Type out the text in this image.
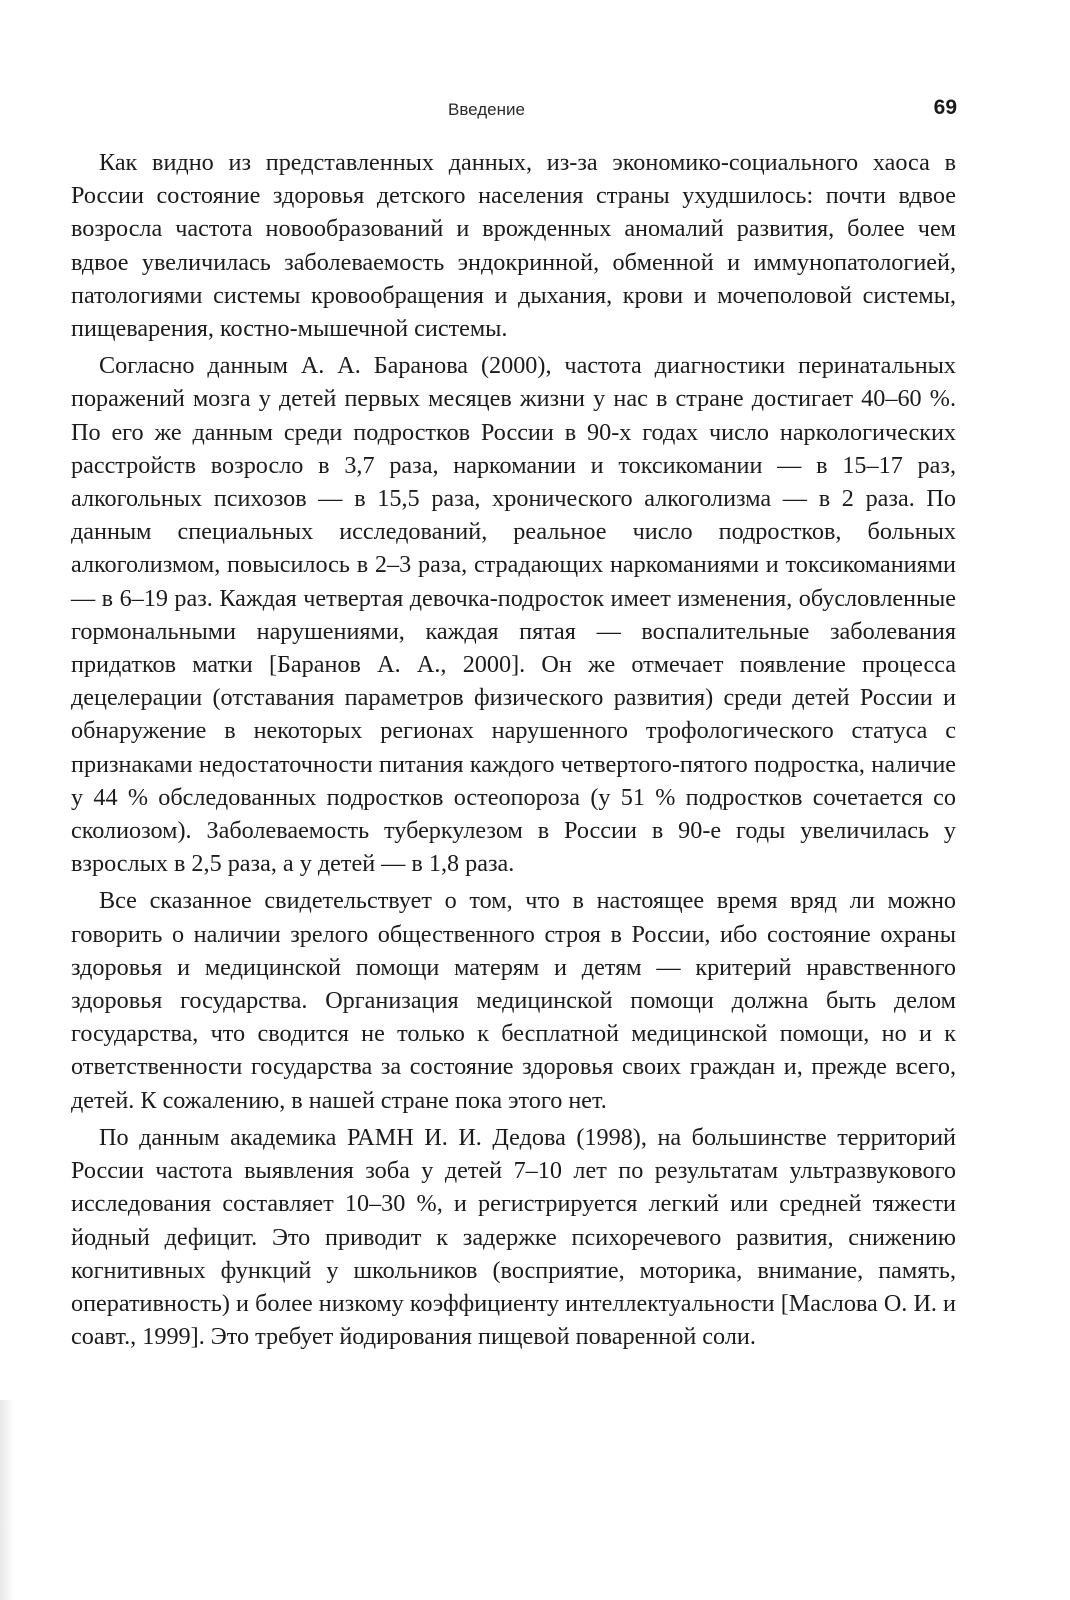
Введение	69

Как видно из представленных данных, из-за экономико-социального хаоса в России состояние здоровья детского населения страны ухудшилось: почти вдвое возросла частота новообразований и врожденных аномалий развития, более чем вдвое увеличилась заболеваемость эндокринной, обменной и иммунопатологией, патологиями системы кровообращения и дыхания, крови и мочеполовой системы, пищеварения, костно-мышечной системы.

Согласно данным А. А. Баранова (2000), частота диагностики перинатальных поражений мозга у детей первых месяцев жизни у нас в стране достигает 40–60 %. По его же данным среди подростков России в 90-х годах число наркологических расстройств возросло в 3,7 раза, наркомании и токсикомании — в 15–17 раз, алкогольных психозов — в 15,5 раза, хронического алкоголизма — в 2 раза. По данным специальных исследований, реальное число подростков, больных алкоголизмом, повысилось в 2–3 раза, страдающих наркоманиями и токсикоманиями — в 6–19 раз. Каждая четвертая девочка-подросток имеет изменения, обусловленные гормональными нарушениями, каждая пятая — воспалительные заболевания придатков матки [Баранов А. А., 2000]. Он же отмечает появление процесса децелерации (отставания параметров физического развития) среди детей России и обнаружение в некоторых регионах нарушенного трофологического статуса с признаками недостаточности питания каждого четвертого-пятого подростка, наличие у 44 % обследованных подростков остеопороза (у 51 % подростков сочетается со сколиозом). Заболеваемость туберкулезом в России в 90-е годы увеличилась у взрослых в 2,5 раза, а у детей — в 1,8 раза.

Все сказанное свидетельствует о том, что в настоящее время вряд ли можно говорить о наличии зрелого общественного строя в России, ибо состояние охраны здоровья и медицинской помощи матерям и детям — критерий нравственного здоровья государства. Организация медицинской помощи должна быть делом государства, что сводится не только к бесплатной медицинской помощи, но и к ответственности государства за состояние здоровья своих граждан и, прежде всего, детей. К сожалению, в нашей стране пока этого нет.

По данным академика РАМН И. И. Дедова (1998), на большинстве территорий России частота выявления зоба у детей 7–10 лет по результатам ультразвукового исследования составляет 10–30 %, и регистрируется легкий или средней тяжести йодный дефицит. Это приводит к задержке психоречевого развития, снижению когнитивных функций у школьников (восприятие, моторика, внимание, память, оперативность) и более низкому коэффициенту интеллектуальности [Маслова О. И. и соавт., 1999]. Это требует йодирования пищевой поваренной соли.
